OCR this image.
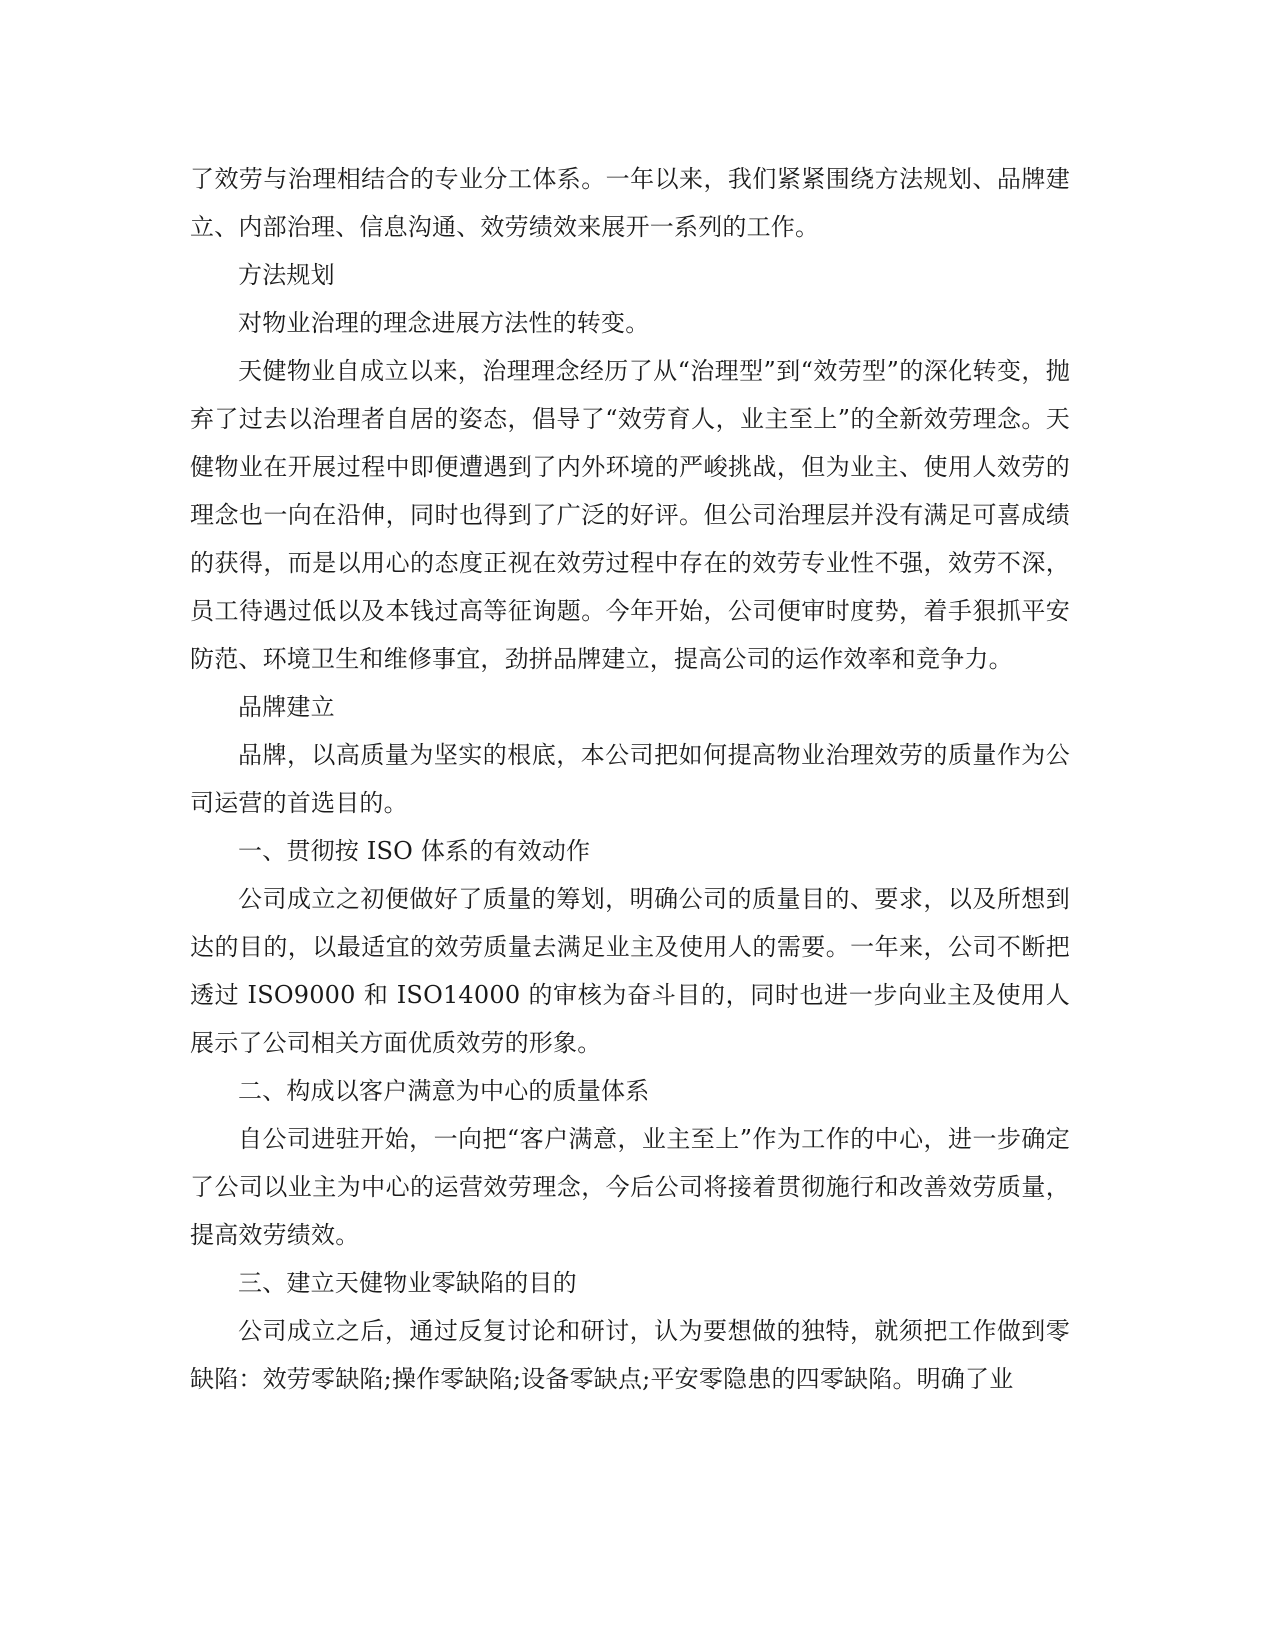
了效劳与治理相结合的专业分工体系。一年以来，我们紧紧围绕方法规划、品牌建立、内部治理、信息沟通、效劳绩效来展开一系列的工作。

方法规划

对物业治理的理念进展方法性的转变。

天健物业自成立以来，治理理念经历了从“治理型”到“效劳型”的深化转变，抛弃了过去以治理者自居的姿态，倡导了“效劳育人，业主至上”的全新效劳理念。天健物业在开展过程中即便遭遇到了内外环境的严峻挑战，但为业主、使用人效劳的理念也一向在沿伸，同时也得到了广泛的好评。但公司治理层并没有满足可喜成绩的获得，而是以用心的态度正视在效劳过程中存在的效劳专业性不强，效劳不深，员工待遇过低以及本钱过高等征询题。今年开始，公司便审时度势，着手狠抓平安防范、环境卫生和维修事宜，劲拼品牌建立，提高公司的运作效率和竞争力。

品牌建立

品牌，以高质量为坚实的根底，本公司把如何提高物业治理效劳的质量作为公司运营的首选目的。

一、贯彻按 ISO 体系的有效动作

公司成立之初便做好了质量的筹划，明确公司的质量目的、要求，以及所想到达的目的，以最适宜的效劳质量去满足业主及使用人的需要。一年来，公司不断把透过 ISO9000 和 ISO14000 的审核为奋斗目的，同时也进一步向业主及使用人展示了公司相关方面优质效劳的形象。

二、构成以客户满意为中心的质量体系

自公司进驻开始，一向把“客户满意，业主至上”作为工作的中心，进一步确定了公司以业主为中心的运营效劳理念，今后公司将接着贯彻施行和改善效劳质量，提高效劳绩效。

三、建立天健物业零缺陷的目的

公司成立之后，通过反复讨论和研讨，认为要想做的独特，就须把工作做到零缺陷：效劳零缺陷;操作零缺陷;设备零缺点;平安零隐患的四零缺陷。明确了业
